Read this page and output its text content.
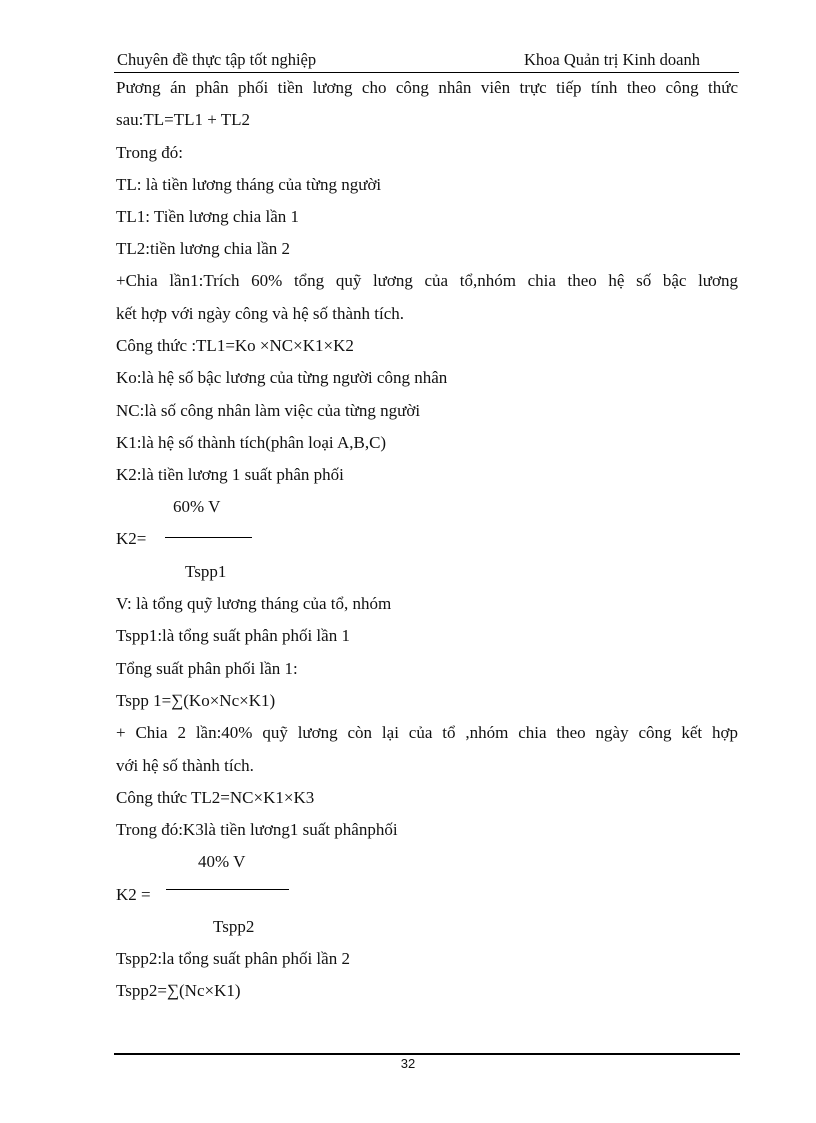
Chuyên đề thực tập tốt nghiệp	Khoa Quản trị Kinh doanh
Pương án phân phối tiền lương cho công nhân viên trực tiếp tính theo công thức
sau:TL=TL1 + TL2
Trong đó:
TL: là tiền lương tháng của từng người
TL1: Tiền lương chia lần 1
TL2:tiền lương chia lần 2
+Chia lần1:Trích 60% tổng quỹ lương của tổ,nhóm chia theo hệ số bậc lương
kết hợp với ngày công và hệ số thành tích.
Công thức :TL1=Ko ×NC×K1×K2
Ko:là hệ số bậc lương của từng người công nhân
NC:là số công nhân làm việc của từng người
K1:là hệ số thành tích(phân loại A,B,C)
K2:là tiền lương 1 suất phân phối
60% V
K2=
Tspp1
V: là tổng quỹ lương tháng của tổ, nhóm
Tspp1:là tổng suất phân phối lần 1
Tổng suất phân phối lần 1:
Tspp 1=∑(Ko×Nc×K1)
+ Chia 2 lần:40% quỹ lương còn lại của tổ ,nhóm chia theo ngày công kết hợp
với hệ số thành tích.
Công thức TL2=NC×K1×K3
Trong đó:K3là tiền lương1 suất phânphối
40% V
K2 =
Tspp2
Tspp2:la tổng suất phân phối lần 2
Tspp2=∑(Nc×K1)
32
